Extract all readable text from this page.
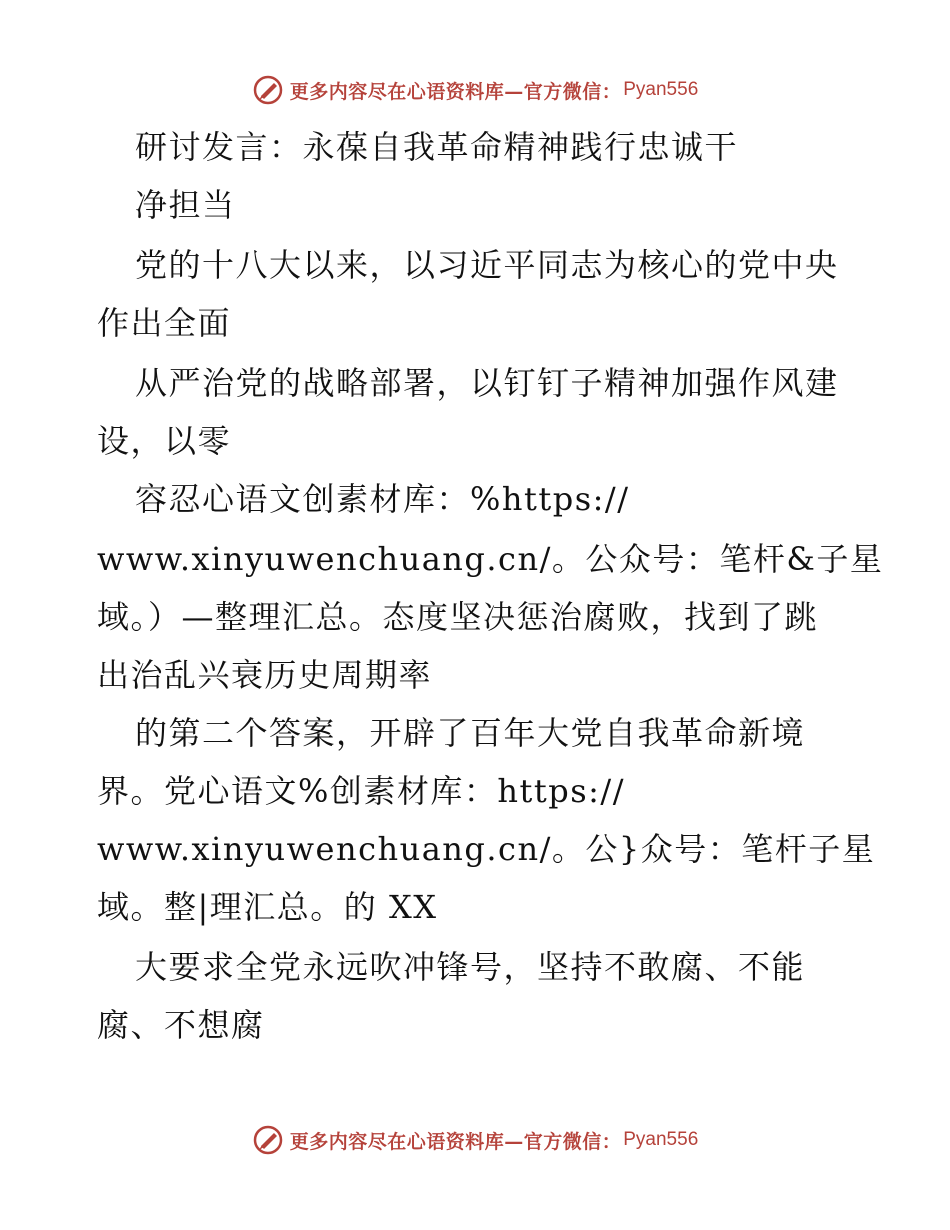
更多内容尽在心语资料库—官方微信： Pyan556
研讨发言：永葆自我革命精神践行忠诚干
净担当
党的十八大以来，以习近平同志为核心的党中央
作出全面
从严治党的战略部署，以钉钉子精神加强作风建
设，以零
容忍心语文创素材库：%https://
www.xinyuwenchuang.cn/。公众号：笔杆&子星
域。）—整理汇总。态度坚决惩治腐败，找到了跳
出治乱兴衰历史周期率
的第二个答案，开辟了百年大党自我革命新境
界。党心语文%创素材库：https://
www.xinyuwenchuang.cn/。公}众号：笔杆子星
域。整|理汇总。的 XX
大要求全党永远吹冲锋号，坚持不敢腐、不能
腐、不想腐
更多内容尽在心语资料库—官方微信： Pyan556
